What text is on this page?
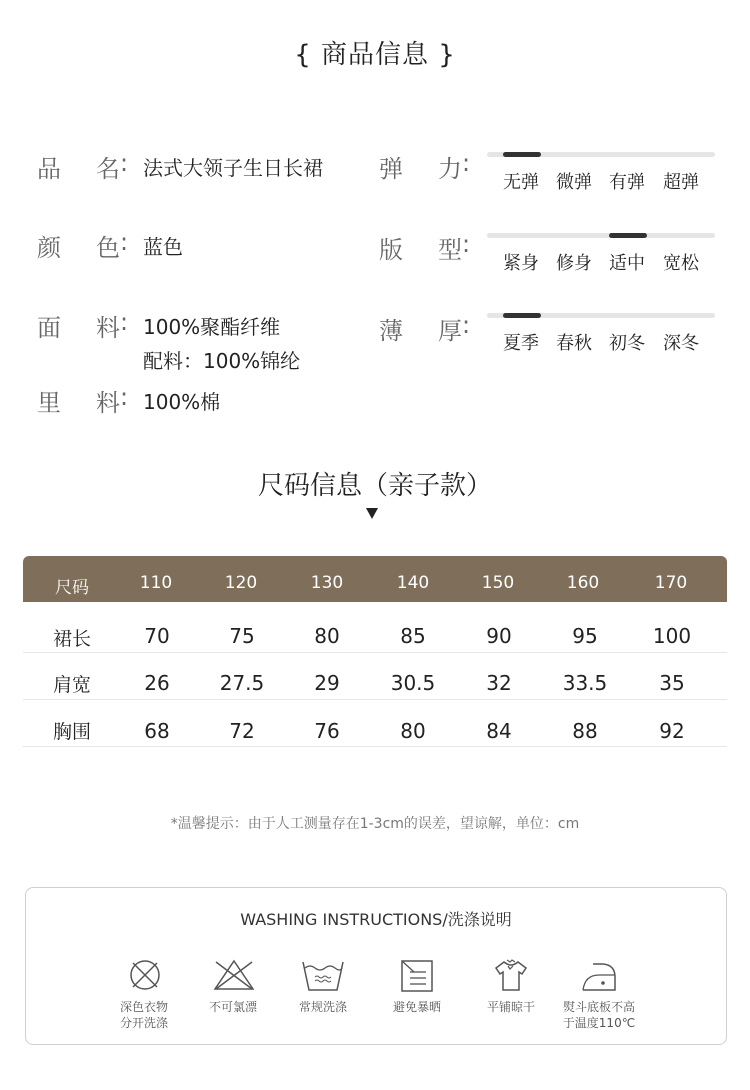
{ 商品信息 }
品 名 : 法式大领子生日长裙
颜 色 : 蓝色
面 料 : 100%聚酯纤维
配料：100%锦纶
里 料 : 100%棉
弹 力 :
无弹 微弹 有弹 超弹
版 型 :
紧身 修身 适中 宽松
薄 厚 :
夏季 春秋 初冬 深冬
尺码信息（亲子款）
尺码	110	120	130	140	150	160	170
裙长	70	75	80	85	90	95	100
肩宽	26	27.5	29	30.5	32	33.5	35
胸围	68	72	76	80	84	88	92
*温馨提示：由于人工测量存在1-3cm的误差，望谅解，单位：cm
WASHING INSTRUCTIONS/洗涤说明
深色衣物
分开洗涤
不可氯漂	常规洗涤	避免暴晒	平铺晾干	熨斗底板不高
于温度110℃
